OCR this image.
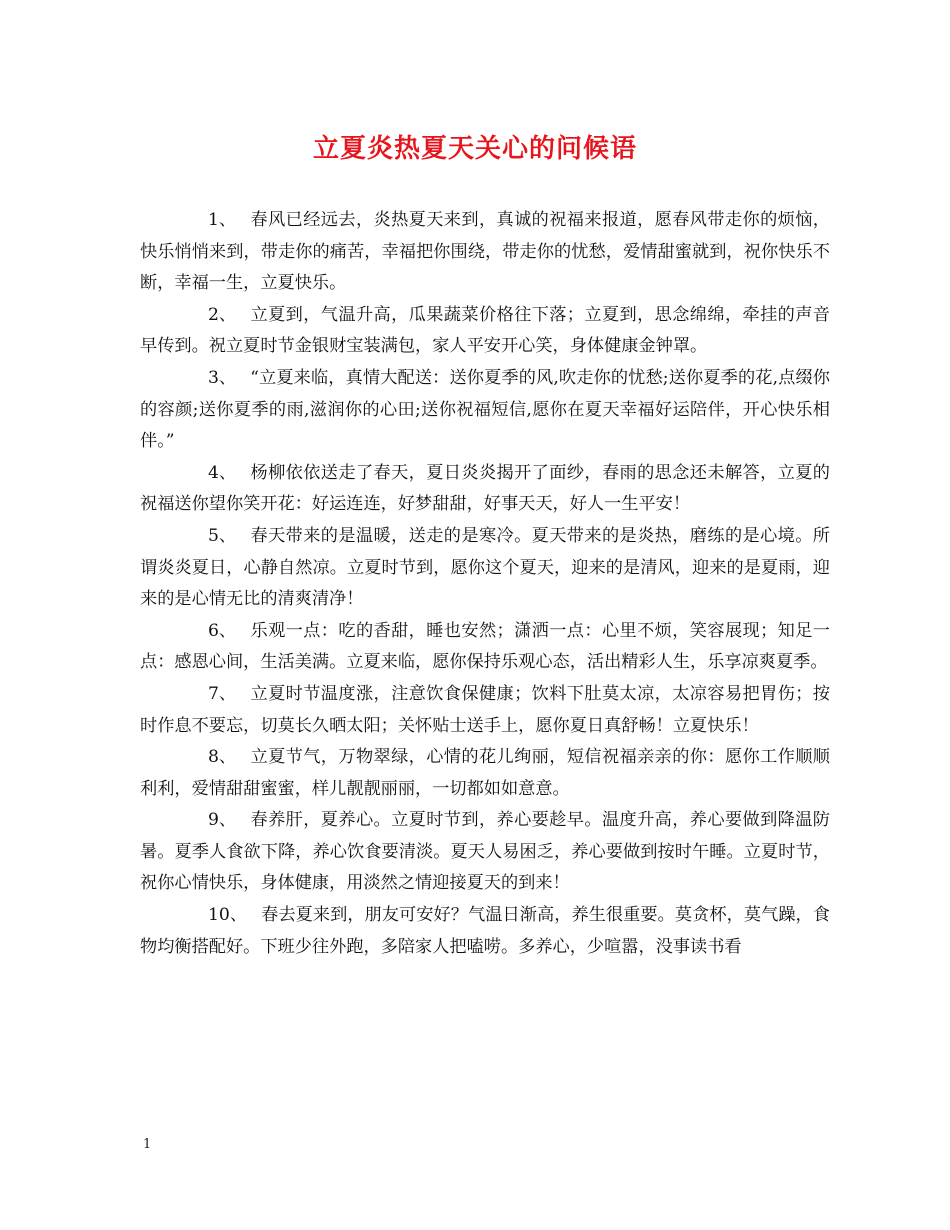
立夏炎热夏天关心的问候语

1、 春风已经远去，炎热夏天来到，真诚的祝福来报道，愿春风带走你的烦恼，快乐悄悄来到，带走你的痛苦，幸福把你围绕，带走你的忧愁，爱情甜蜜就到，祝你快乐不断，幸福一生，立夏快乐。

2、 立夏到，气温升高，瓜果蔬菜价格往下落；立夏到，思念绵绵，牵挂的声音早传到。祝立夏时节金银财宝装满包，家人平安开心笑，身体健康金钟罩。

3、 “立夏来临，真情大配送：送你夏季的风,吹走你的忧愁;送你夏季的花,点缀你的容颜;送你夏季的雨,滋润你的心田;送你祝福短信,愿你在夏天幸福好运陪伴，开心快乐相伴。”

4、 杨柳依依送走了春天，夏日炎炎揭开了面纱，春雨的思念还未解答，立夏的祝福送你望你笑开花：好运连连，好梦甜甜，好事天天，好人一生平安！

5、 春天带来的是温暖，送走的是寒冷。夏天带来的是炎热，磨练的是心境。所谓炎炎夏日，心静自然凉。立夏时节到，愿你这个夏天，迎来的是清风，迎来的是夏雨，迎来的是心情无比的清爽清净！

6、 乐观一点：吃的香甜，睡也安然；潇洒一点：心里不烦，笑容展现；知足一点：感恩心间，生活美满。立夏来临，愿你保持乐观心态，活出精彩人生，乐享凉爽夏季。

7、 立夏时节温度涨，注意饮食保健康；饮料下肚莫太凉，太凉容易把胃伤；按时作息不要忘，切莫长久晒太阳；关怀贴士送手上，愿你夏日真舒畅！立夏快乐！

8、 立夏节气，万物翠绿，心情的花儿绚丽，短信祝福亲亲的你：愿你工作顺顺利利，爱情甜甜蜜蜜，样儿靓靓丽丽，一切都如如意意。

9、 春养肝，夏养心。立夏时节到，养心要趁早。温度升高，养心要做到降温防暑。夏季人食欲下降，养心饮食要清淡。夏天人易困乏，养心要做到按时午睡。立夏时节，祝你心情快乐，身体健康，用淡然之情迎接夏天的到来！

10、 春去夏来到，朋友可安好？气温日渐高，养生很重要。莫贪杯，莫气躁，食物均衡搭配好。下班少往外跑，多陪家人把嗑唠。多养心，少喧嚣，没事读书看

1
